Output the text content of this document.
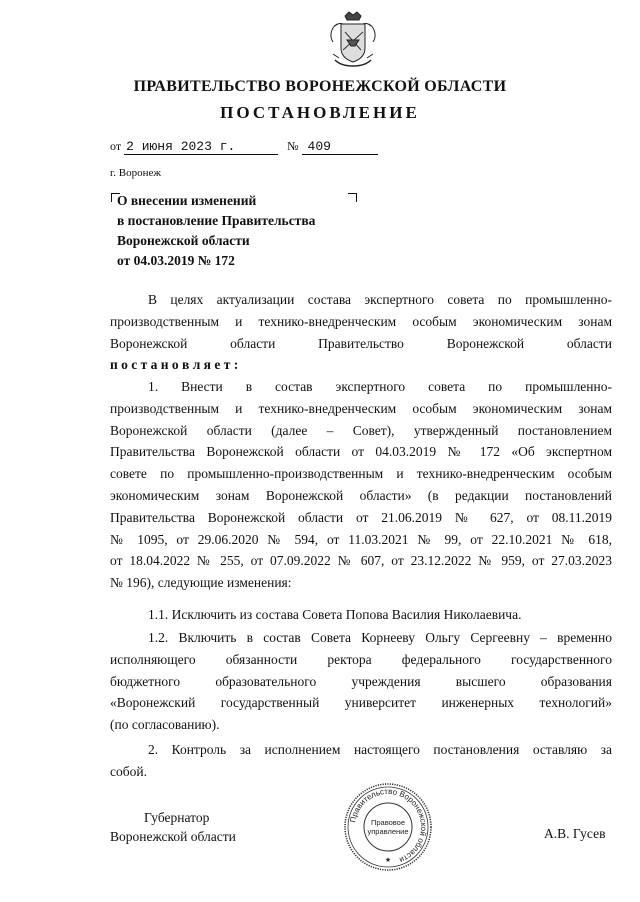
ПРАВИТЕЛЬСТВО ВОРОНЕЖСКОЙ ОБЛАСТИ
ПОСТАНОВЛЕНИЕ
от 2 июня 2023 г.	№ 409
г. Воронеж
О внесении изменений
в постановление Правительства
Воронежской области
от 04.03.2019 № 172
В целях актуализации состава экспертного совета по промышленно-
производственным и технико-внедренческим особым экономическим зонам
Воронежской области Правительство Воронежской области
п о с т а н о в л я е т :
1. Внести в состав экспертного совета по промышленно-
производственным и технико-внедренческим особым экономическим зонам
Воронежской области (далее – Совет), утвержденный постановлением
Правительства Воронежской области от 04.03.2019 № 172 «Об экспертном
совете по промышленно-производственным и технико-внедренческим особым
экономическим зонам Воронежской области» (в редакции постановлений
Правительства Воронежской области от 21.06.2019 № 627, от 08.11.2019
№ 1095, от 29.06.2020 № 594, от 11.03.2021 № 99, от 22.10.2021 № 618,
от 18.04.2022 № 255, от 07.09.2022 № 607, от 23.12.2022 № 959, от 27.03.2023
№ 196), следующие изменения:
1.1. Исключить из состава Совета Попова Василия Николаевича.
1.2. Включить в состав Совета Корнееву Ольгу Сергеевну – временно
исполняющего обязанности ректора федерального государственного
бюджетного образовательного учреждения высшего образования
«Воронежский государственный университет инженерных технологий»
(по согласованию).
2. Контроль за исполнением настоящего постановления оставляю за
собой.
Губернатор
Воронежской области
Правительство Воронежской области
Правовое
управление
★
А.В. Гусев
